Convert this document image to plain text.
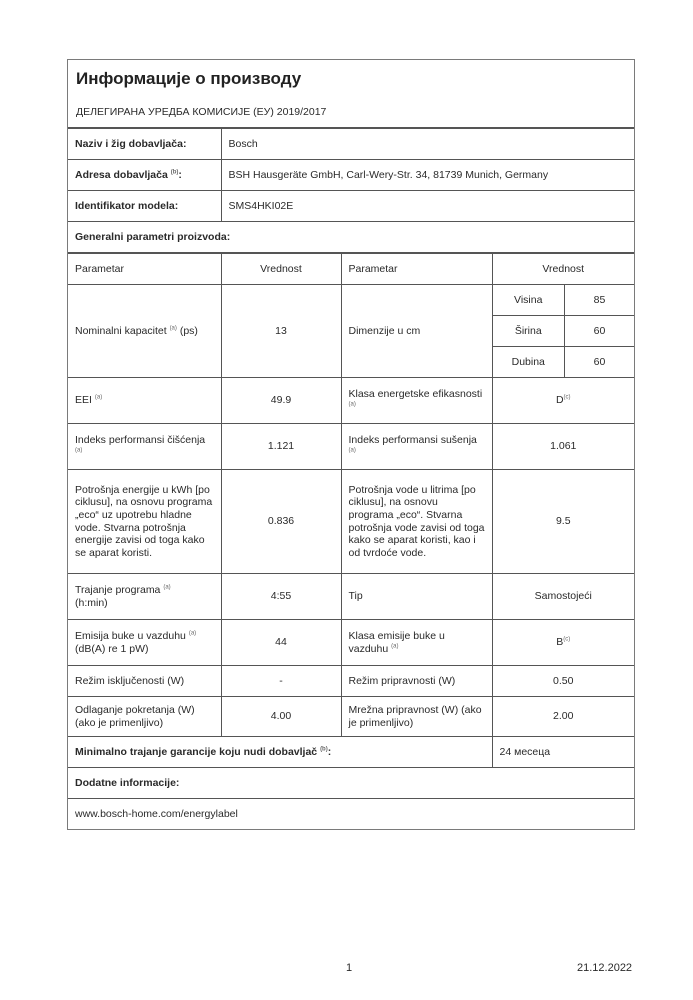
Информације о производу
ДЕЛЕГИРАНА УРЕДБА КОМИСИЈЕ (ЕУ) 2019/2017
Naziv i žig dobavljača:	Bosch
Adresa dobavljača $^{(b)}$:	BSH Hausgeräte GmbH, Carl-Wery-Str. 34, 81739 Munich, Germany
Identifikator modela:	SMS4HKI02E
Generalni parametri proizvoda:	
Parametar	Vrednost	Parametar	Vrednost
Nominalni kapacitet $^{(a)}$ (ps)	13	Dimenzije u cm	
Visina	85
Širina	60
Dubina	60

EEI $^{(a)}$	49.9	Klasa energetske efikasnosti $^{(a)}$	$D^{(c)}$
Indeks performansi čišćenja $^{(a)}$	1.121	Indeks performansi sušenja $^{(a)}$	1.061
Potrošnja energije u kWh [po ciklusu], na osnovu programa „eco“ uz upotrebu hladne vode. Stvarna potrošnja energije zavisi od toga kako se aparat koristi.	0.836	Potrošnja vode u litrima [po ciklusu], na osnovu programa „eco“. Stvarna potrošnja vode zavisi od toga kako se aparat koristi, kao i od tvrdoće vode.	9.5
Trajanje programa $^{(a)}$
(h:min)	4:55	Tip	Samostojeći
Emisija buke u vazduhu $^{(a)}$
(dB(A) re 1 pW)	44	Klasa emisije buke u vazduhu $^{(a)}$	$B^{(c)}$
Režim isključenosti (W)	-	Režim pripravnosti (W)	0.50
Odlaganje pokretanja (W) (ako je primenljivo)	4.00	Mrežna pripravnost (W) (ako je primenljivo)	2.00
Minimalno trajanje garancije koju nudi dobavljač $^{(b)}$:	24 месеца
Dodatne informacije:
www.bosch-home.com/energylabel
1	21.12.2022
